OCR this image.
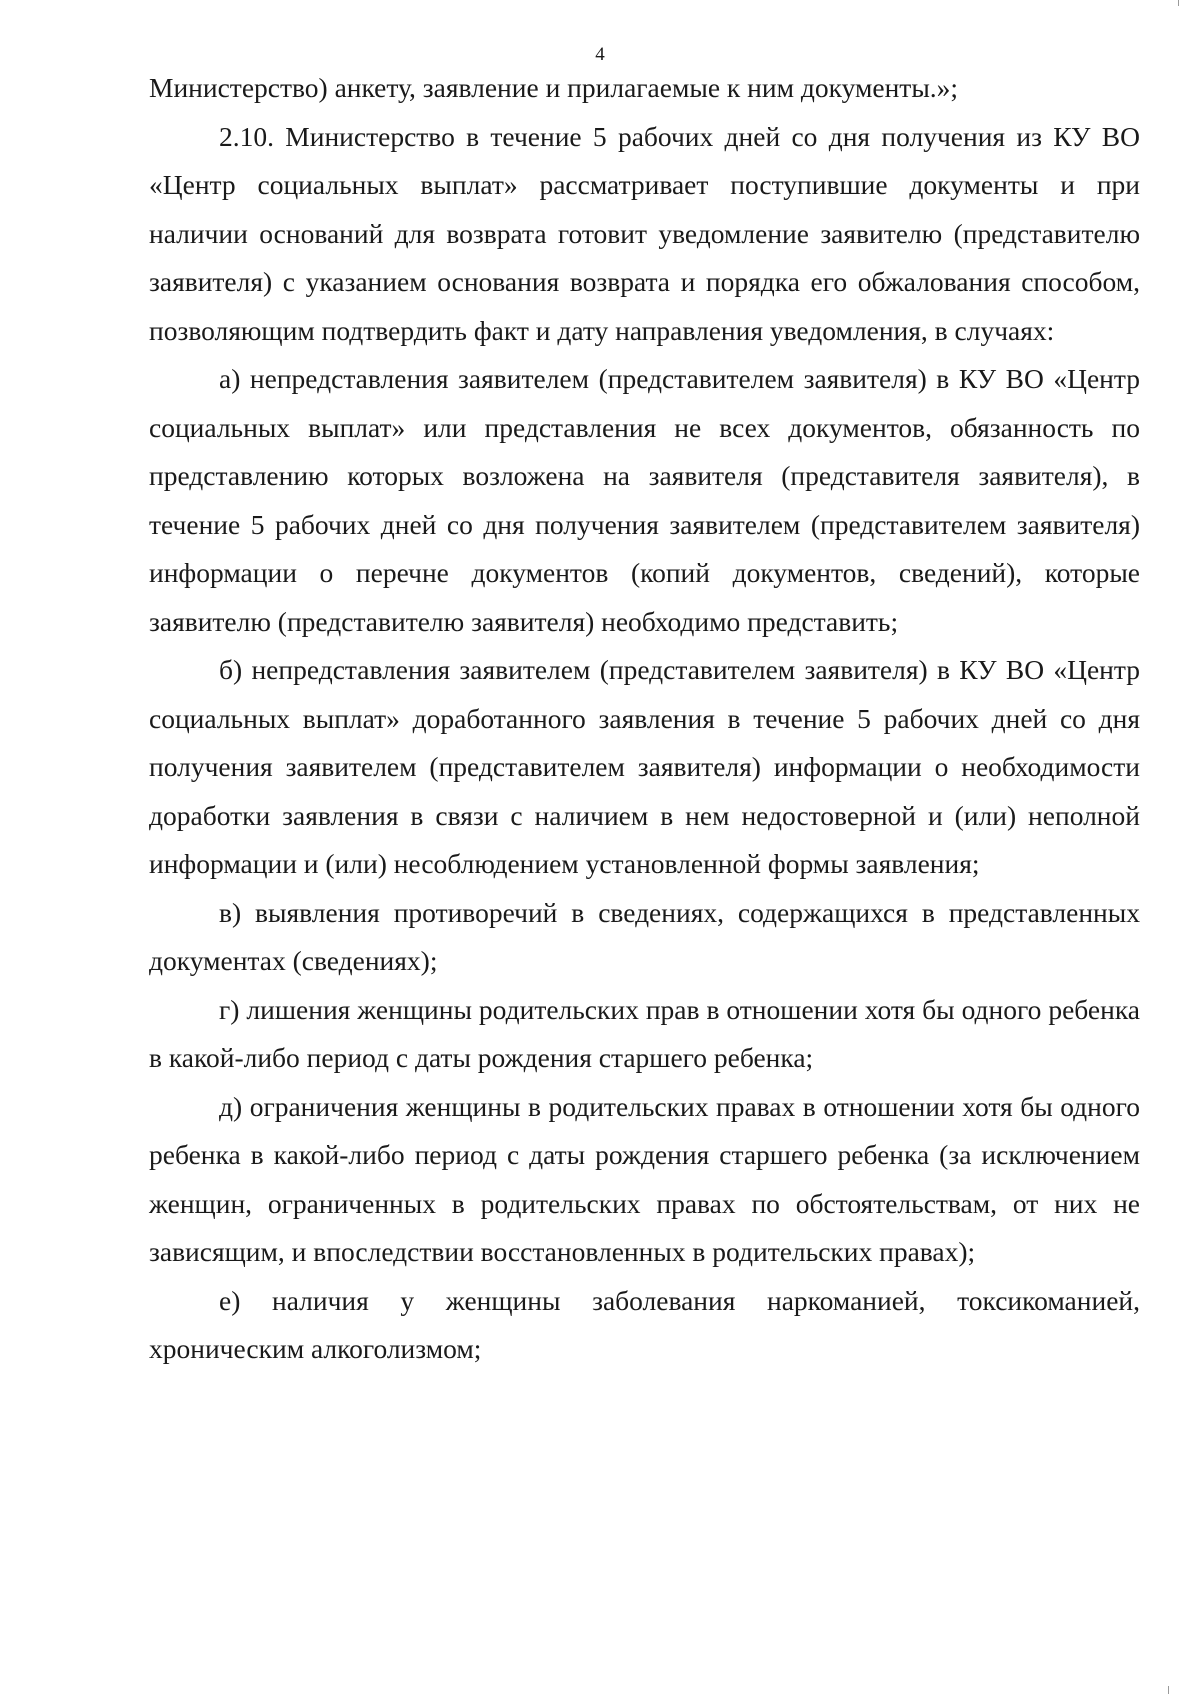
4

Министерство) анкету, заявление и прилагаемые к ним документы.»;

2.10. Министерство в течение 5 рабочих дней со дня получения из КУ ВО «Центр социальных выплат» рассматривает поступившие документы и при наличии оснований для возврата готовит уведомление заявителю (представителю заявителя) с указанием основания возврата и порядка его обжалования способом, позволяющим подтвердить факт и дату направления уведомления, в случаях:

а) непредставления заявителем (представителем заявителя) в КУ ВО «Центр социальных выплат» или представления не всех документов, обязанность по представлению которых возложена на заявителя (представителя заявителя), в течение 5 рабочих дней со дня получения заявителем (представителем заявителя) информации о перечне документов (копий документов, сведений), которые заявителю (представителю заявителя) необходимо представить;

б) непредставления заявителем (представителем заявителя) в КУ ВО «Центр социальных выплат» доработанного заявления в течение 5 рабочих дней со дня получения заявителем (представителем заявителя) информации о необходимости доработки заявления в связи с наличием в нем недостоверной и (или) неполной информации и (или) несоблюдением установленной формы заявления;

в) выявления противоречий в сведениях, содержащихся в представленных документах (сведениях);

г) лишения женщины родительских прав в отношении хотя бы одного ребенка в какой-либо период с даты рождения старшего ребенка;

д) ограничения женщины в родительских правах в отношении хотя бы одного ребенка в какой-либо период с даты рождения старшего ребенка (за исключением женщин, ограниченных в родительских правах по обстоятельствам, от них не зависящим, и впоследствии восстановленных в родительских правах);

е) наличия у женщины заболевания наркоманией, токсикоманией, хроническим алкоголизмом;
